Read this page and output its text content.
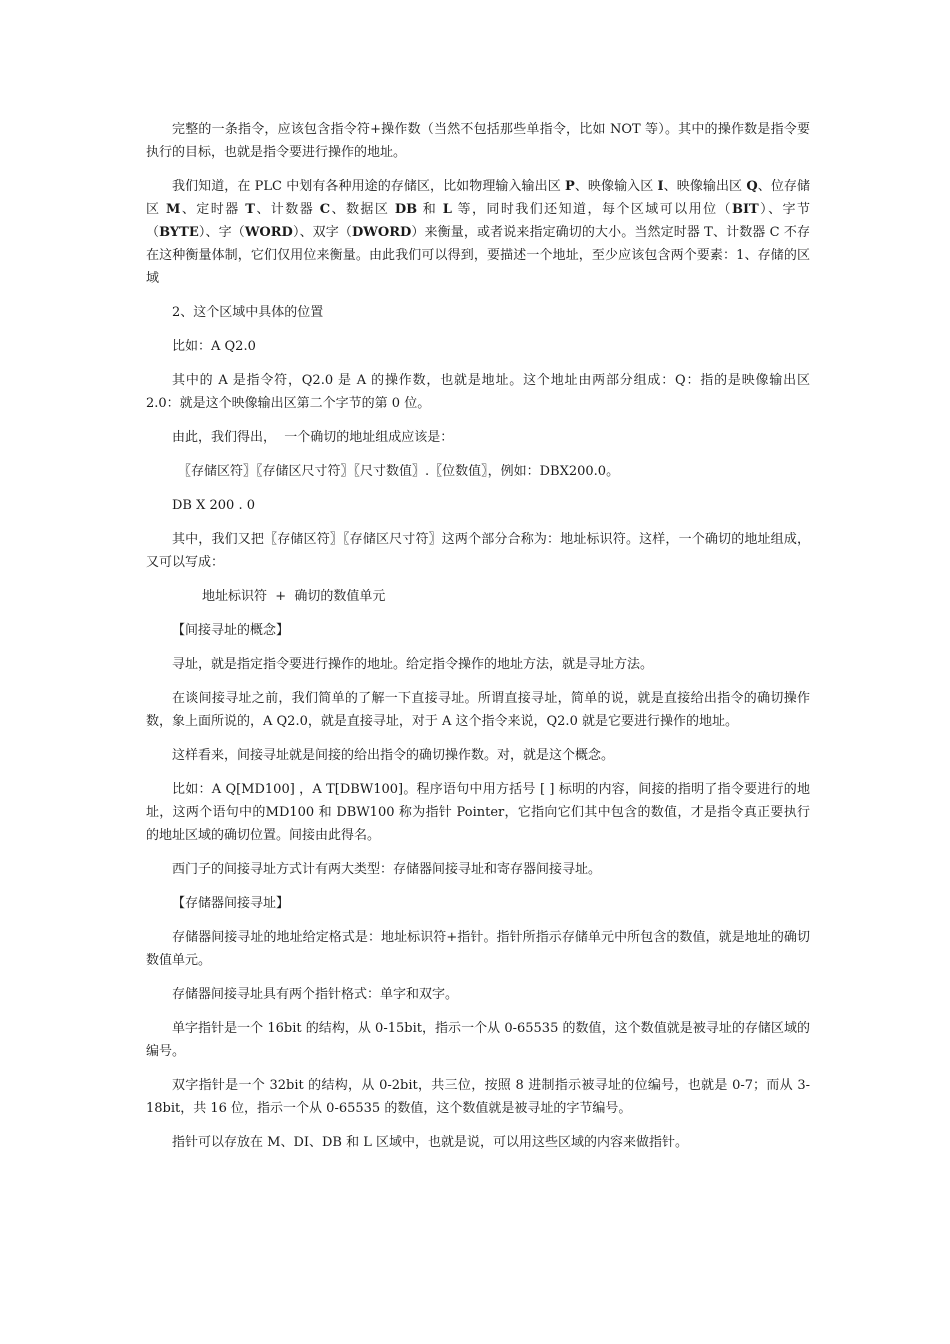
完整的一条指令，应该包含指令符+操作数（当然不包括那些单指令，比如 NOT 等）。其中的操作数是指令要执行的目标，也就是指令要进行操作的地址。

我们知道，在 PLC 中划有各种用途的存储区，比如物理输入输出区 P、映像输入区 I、映像输出区 Q、位存储区 M、定时器 T、计数器 C、数据区 DB 和 L 等，同时我们还知道，每个区域可以用位（BIT）、字节（BYTE）、字（WORD）、双字（DWORD）来衡量，或者说来指定确切的大小。当然定时器 T、计数器 C 不存在这种衡量体制，它们仅用位来衡量。由此我们可以得到，要描述一个地址，至少应该包含两个要素：1、存储的区域

2、这个区域中具体的位置

比如：A Q2.0

其中的 A 是指令符，Q2.0 是 A 的操作数，也就是地址。这个地址由两部分组成：Q：指的是映像输出区 2.0：就是这个映像输出区第二个字节的第 0 位。

由此，我们得出，  一个确切的地址组成应该是：

〖存储区符〗〖存储区尺寸符〗〖尺寸数值〗.〖位数值〗，例如：DBX200.0。

DB X 200 . 0

其中，我们又把〖存储区符〗〖存储区尺寸符〗这两个部分合称为：地址标识符。这样，一个确切的地址组成，又可以写成：

地址标识符  +  确切的数值单元

【间接寻址的概念】

寻址，就是指定指令要进行操作的地址。给定指令操作的地址方法，就是寻址方法。

在谈间接寻址之前，我们简单的了解一下直接寻址。所谓直接寻址，简单的说，就是直接给出指令的确切操作数，象上面所说的，A Q2.0，就是直接寻址，对于 A 这个指令来说，Q2.0 就是它要进行操作的地址。

这样看来，间接寻址就是间接的给出指令的确切操作数。对，就是这个概念。

比如：A Q[MD100] ，A T[DBW100]。程序语句中用方括号 [ ] 标明的内容，间接的指明了指令要进行的地址，这两个语句中的MD100 和 DBW100 称为指针 Pointer，它指向它们其中包含的数值，才是指令真正要执行的地址区域的确切位置。间接由此得名。

西门子的间接寻址方式计有两大类型：存储器间接寻址和寄存器间接寻址。

【存储器间接寻址】

存储器间接寻址的地址给定格式是：地址标识符+指针。指针所指示存储单元中所包含的数值，就是地址的确切数值单元。

存储器间接寻址具有两个指针格式：单字和双字。

单字指针是一个 16bit 的结构，从 0-15bit，指示一个从 0-65535 的数值，这个数值就是被寻址的存储区域的编号。

双字指针是一个 32bit 的结构，从 0-2bit，共三位，按照 8 进制指示被寻址的位编号，也就是 0-7；而从 3-18bit，共 16 位，指示一个从 0-65535 的数值，这个数值就是被寻址的字节编号。

指针可以存放在 M、DI、DB 和 L 区域中，也就是说，可以用这些区域的内容来做指针。
